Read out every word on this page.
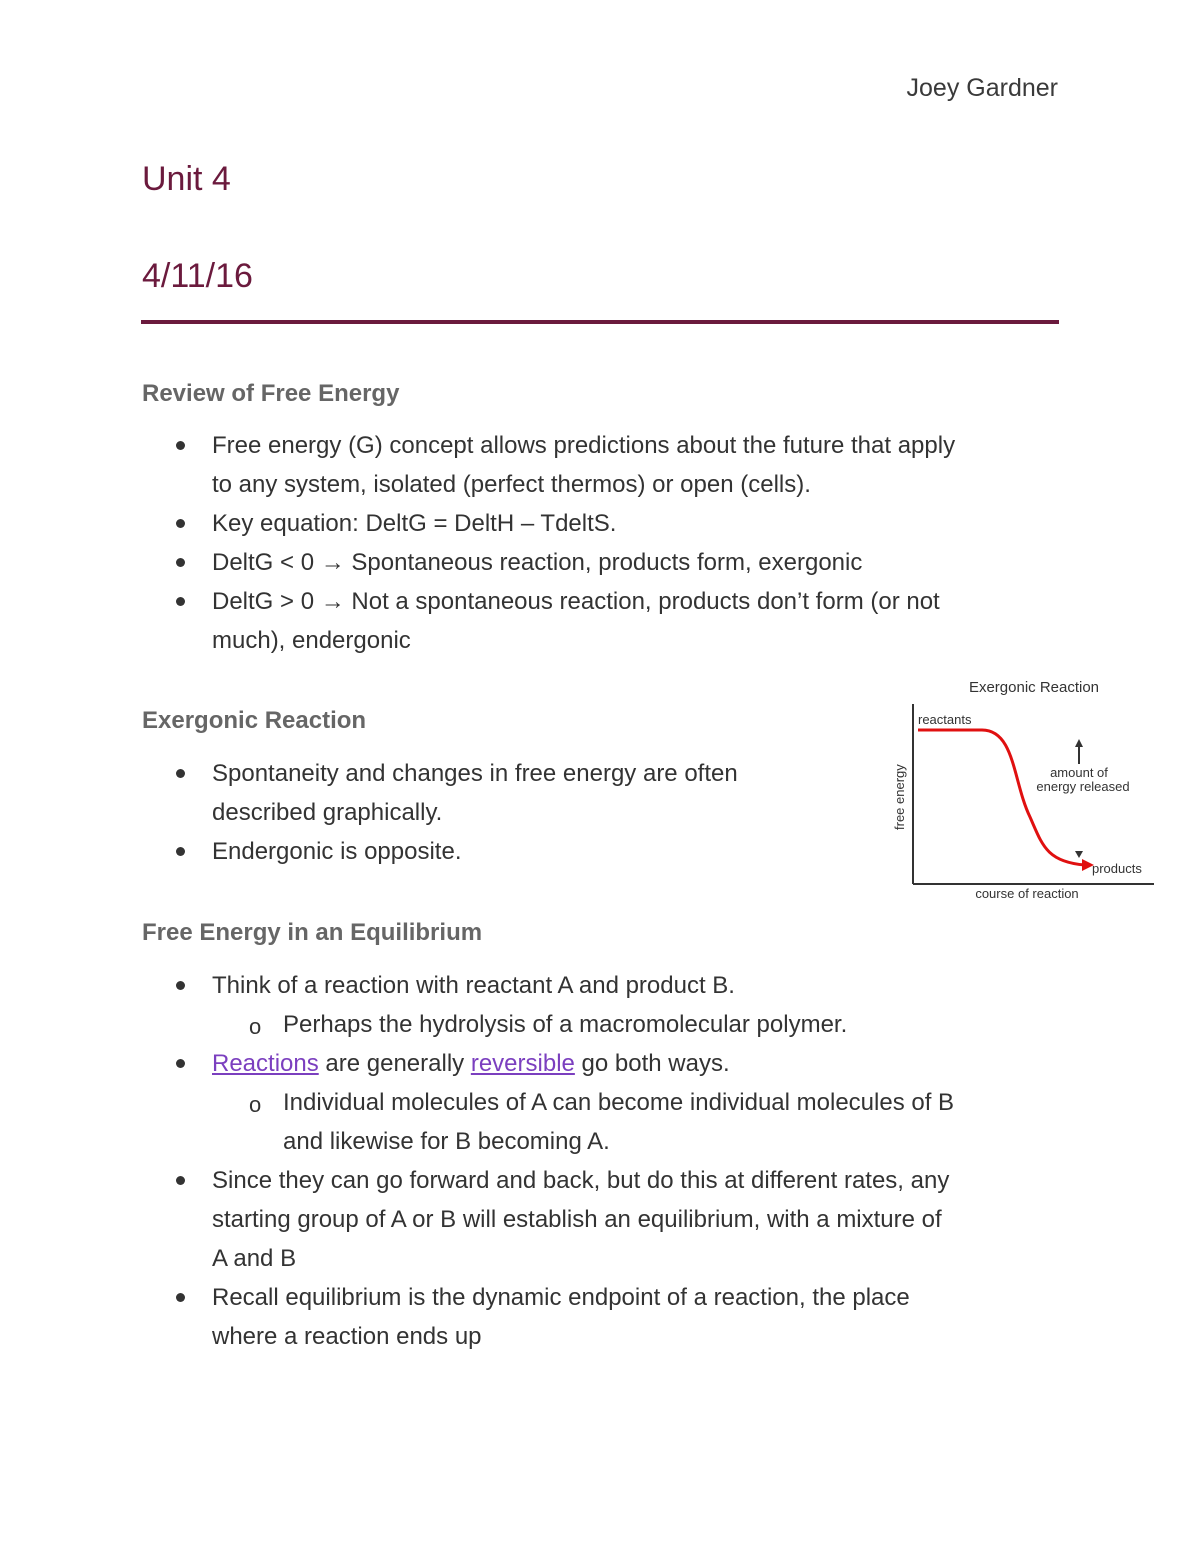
Joey Gardner
Unit 4
4/11/16
Review of Free Energy
Free energy (G) concept allows predictions about the future that apply
to any system, isolated (perfect thermos) or open (cells).
Key equation: DeltG = DeltH – TdeltS.
DeltG < 0 → Spontaneous reaction, products form, exergonic
DeltG > 0 → Not a spontaneous reaction, products don’t form (or not
much), endergonic
Exergonic Reaction
Spontaneity and changes in free energy are often
described graphically.
Endergonic is opposite.
Exergonic Reaction
reactants
free energy
course of reaction
amount of
energy released
products
Free Energy in an Equilibrium
Think of a reaction with reactant A and product B.
o Perhaps the hydrolysis of a macromolecular polymer.
Reactions are generally reversible go both ways.
o Individual molecules of A can become individual molecules of B
and likewise for B becoming A.
Since they can go forward and back, but do this at different rates, any
starting group of A or B will establish an equilibrium, with a mixture of
A and B
Recall equilibrium is the dynamic endpoint of a reaction, the place
where a reaction ends up
